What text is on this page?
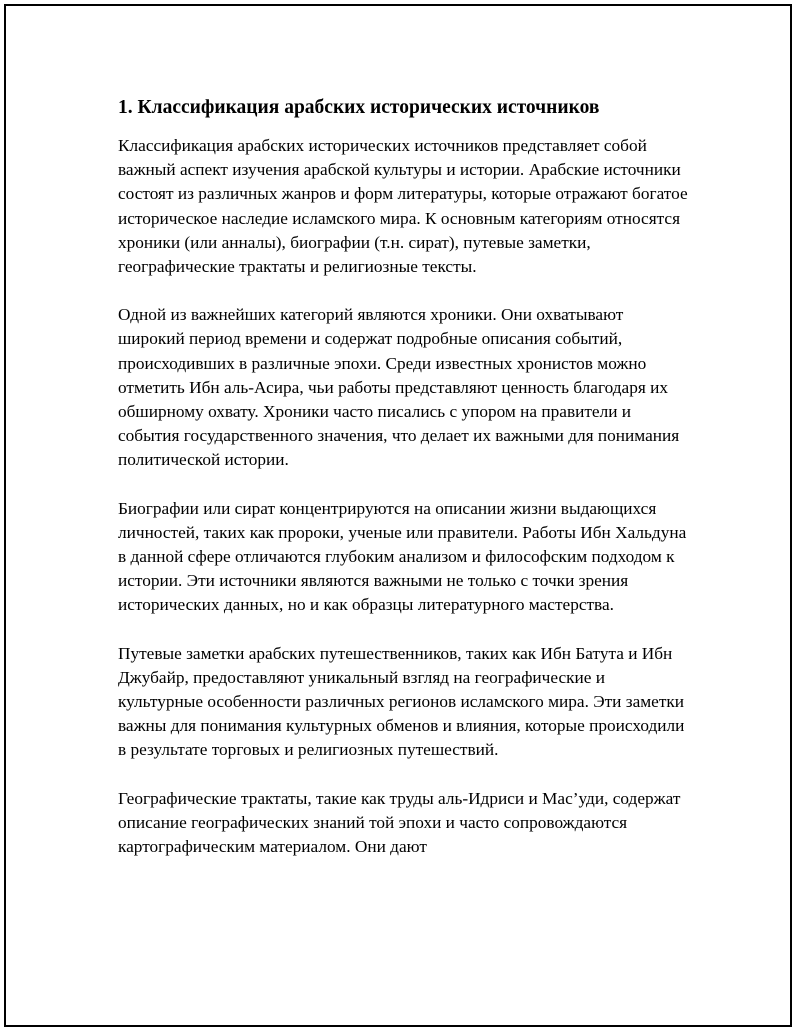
1. Классификация арабских исторических источников

Классификация арабских исторических источников представляет собой важный аспект изучения арабской культуры и истории. Арабские источники состоят из различных жанров и форм литературы, которые отражают богатое историческое наследие исламского мира. К основным категориям относятся хроники (или анналы), биографии (т.н. сират), путевые заметки, географические трактаты и религиозные тексты.

Одной из важнейших категорий являются хроники. Они охватывают широкий период времени и содержат подробные описания событий, происходивших в различные эпохи. Среди известных хронистов можно отметить Ибн аль-Асира, чьи работы представляют ценность благодаря их обширному охвату. Хроники часто писались с упором на правители и события государственного значения, что делает их важными для понимания политической истории.

Биографии или сират концентрируются на описании жизни выдающихся личностей, таких как пророки, ученые или правители. Работы Ибн Хальдуна в данной сфере отличаются глубоким анализом и философским подходом к истории. Эти источники являются важными не только с точки зрения исторических данных, но и как образцы литературного мастерства.

Путевые заметки арабских путешественников, таких как Ибн Батута и Ибн Джубайр, предоставляют уникальный взгляд на географические и культурные особенности различных регионов исламского мира. Эти заметки важны для понимания культурных обменов и влияния, которые происходили в результате торговых и религиозных путешествий.

Географические трактаты, такие как труды аль-Идриси и Мас’уди, содержат описание географических знаний той эпохи и часто сопровождаются картографическим материалом. Они дают
